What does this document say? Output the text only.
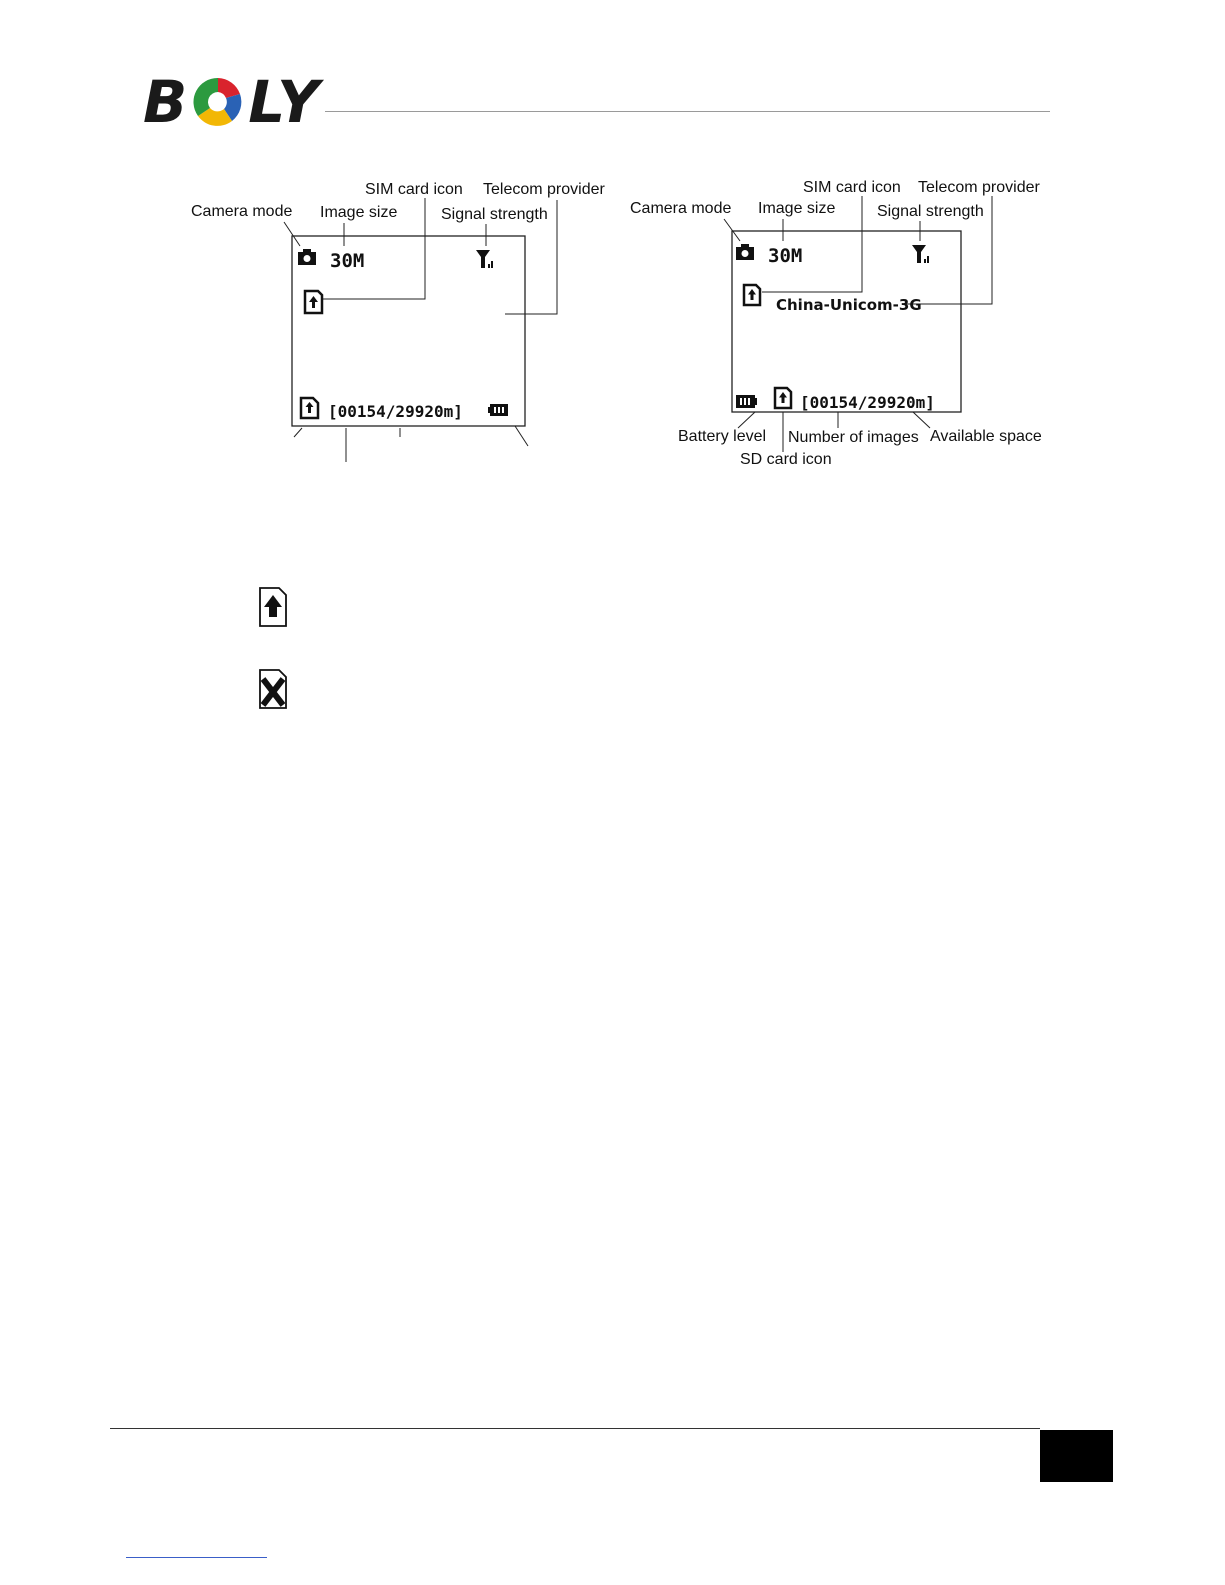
B LY
Camera mode Image size
SIM card icon Telecom provider
Signal strength
30M
[00154/29920m]
Camera mode Image size
SIM card icon Telecom provider
Signal strength
Battery level
SD card icon
Number of images Available space
30M
China-Unicom-3G
[00154/29920m]
